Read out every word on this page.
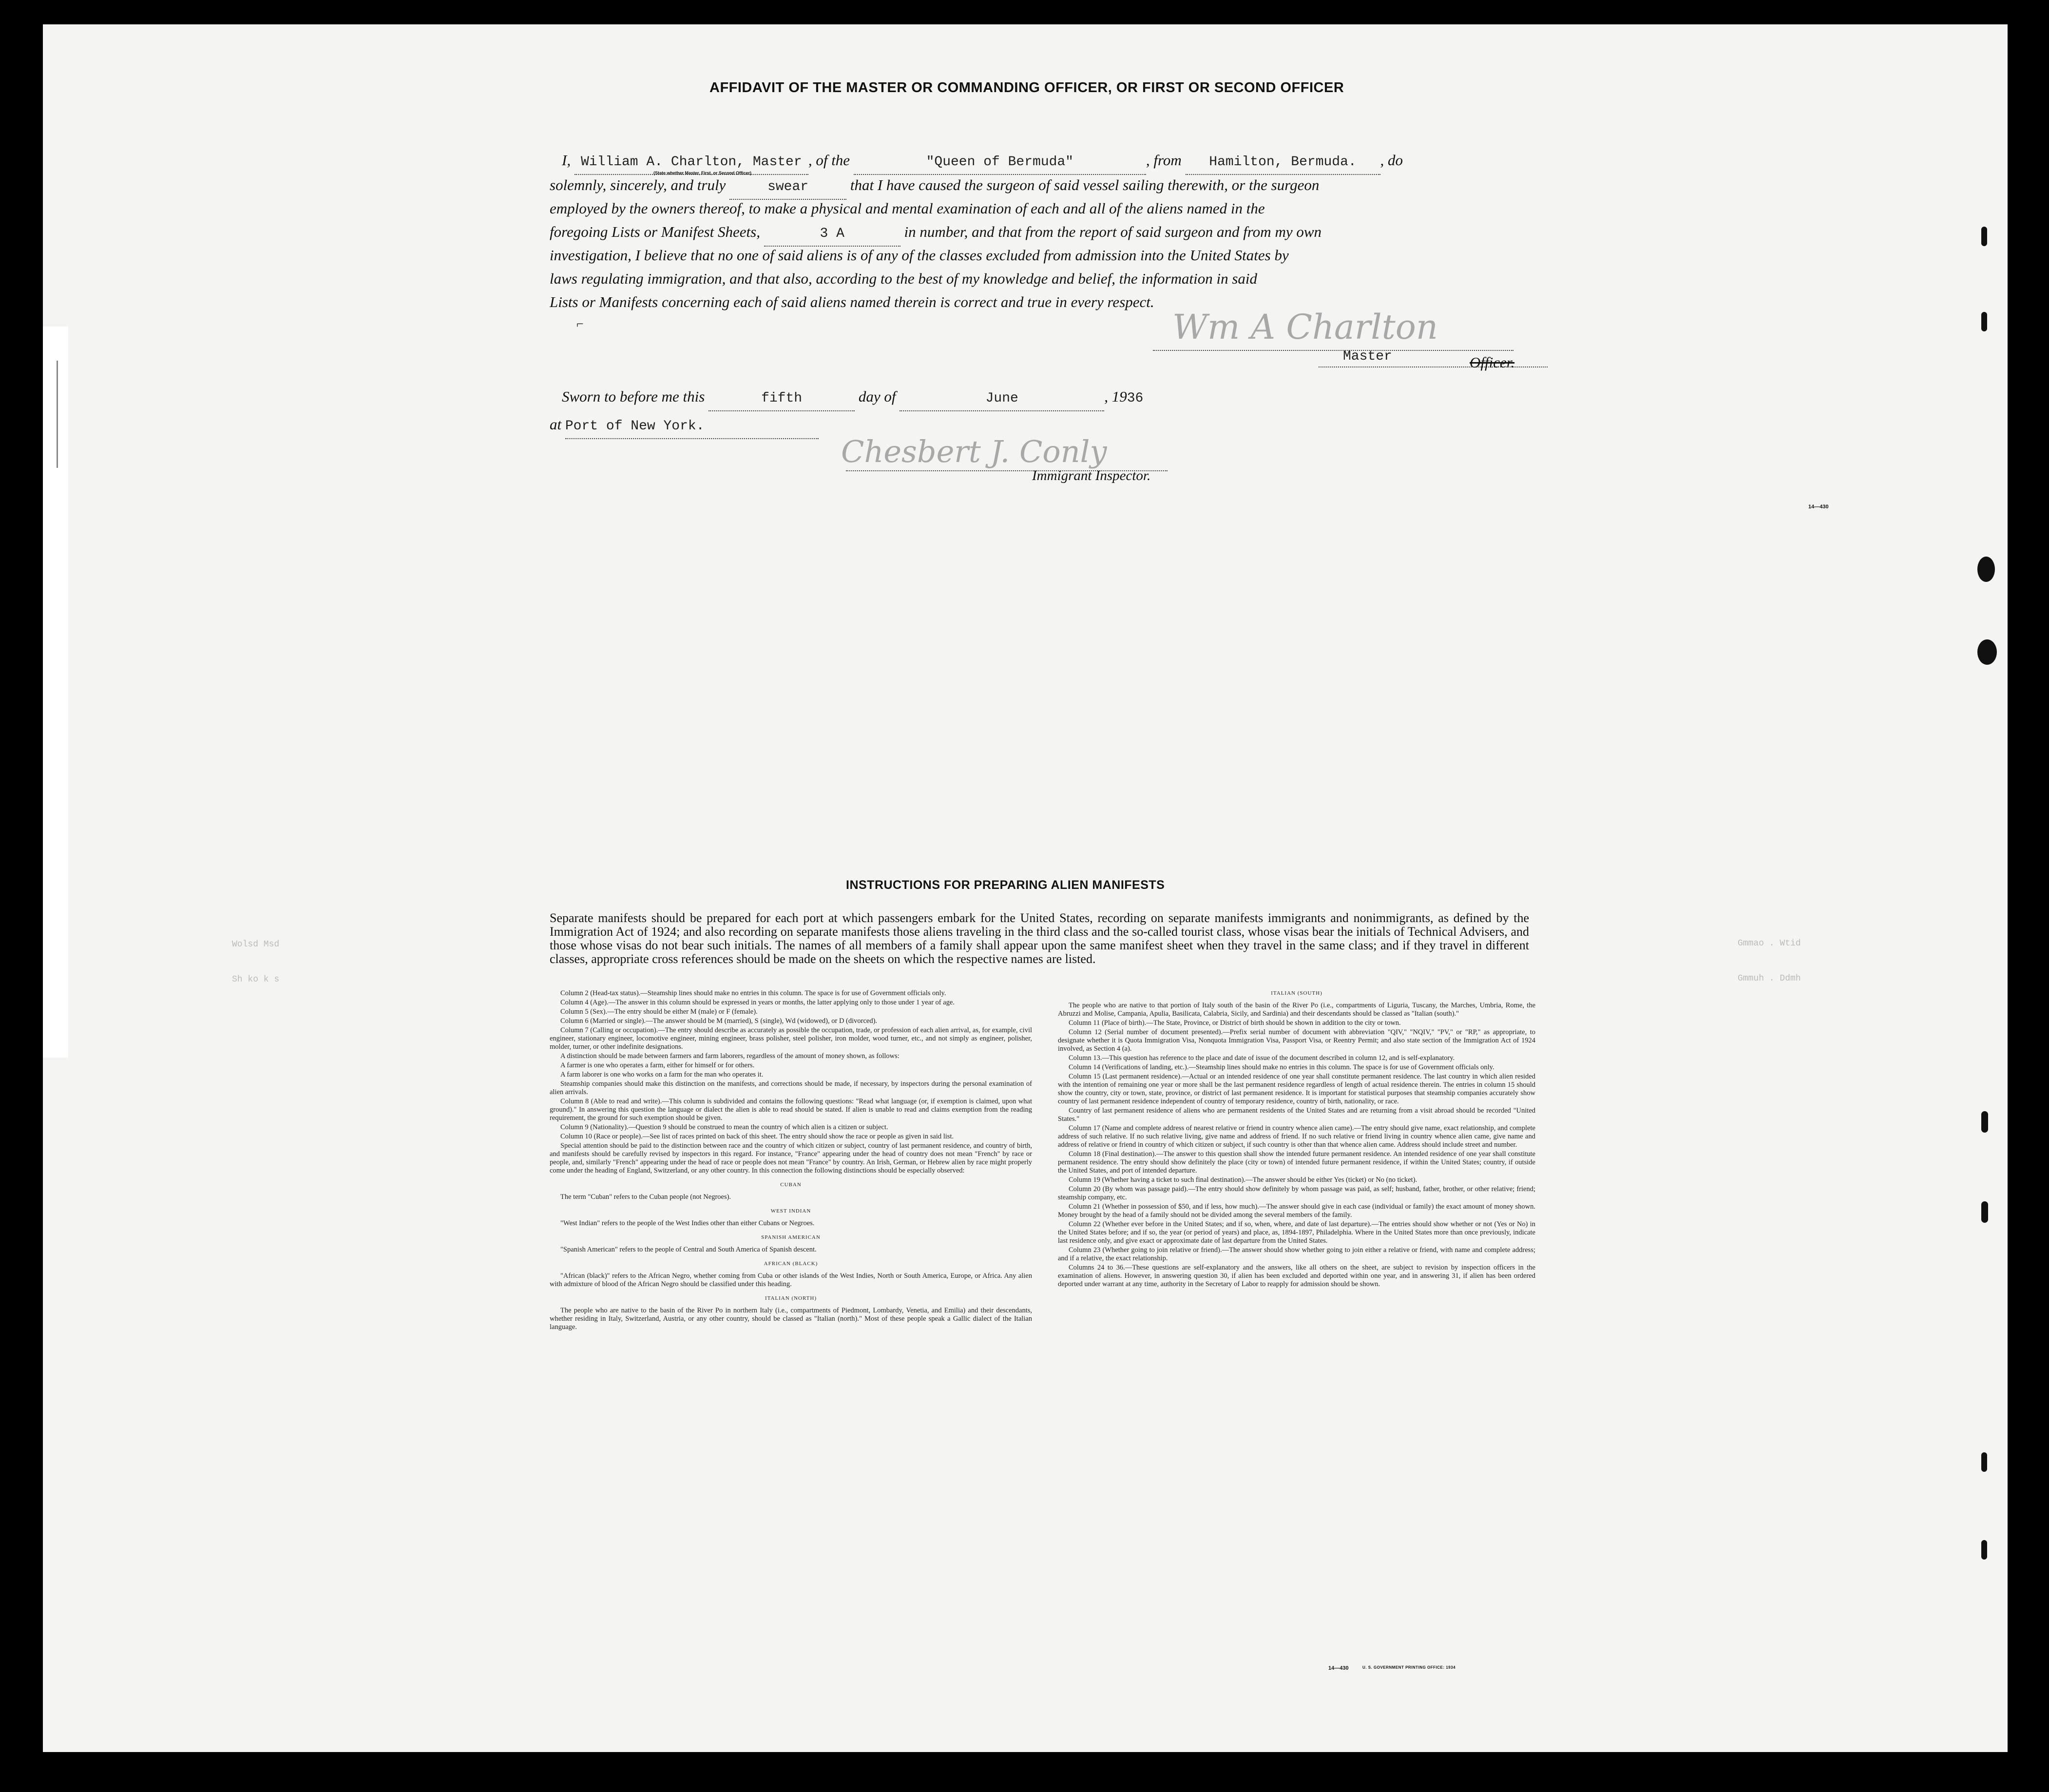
AFFIDAVIT OF THE MASTER OR COMMANDING OFFICER, OR FIRST OR SECOND OFFICER
I, William A. Charlton, Master , of the	"Queen of Bermuda"	, from Hamilton, Bermuda. , do
(State whether Master, First, or Second Officer)
solemnly, sincerely, and truly	swear	that I have caused the surgeon of said vessel sailing therewith, or the surgeon
employed by the owners thereof, to make a physical and mental examination of each and all of the aliens named in the
foregoing Lists or Manifest Sheets,	3 A	in number, and that from the report of said surgeon and from my own
investigation, I believe that no one of said aliens is of any of the classes excluded from admission into the United States by
laws regulating immigration, and that also, according to the best of my knowledge and belief, the information in said
Lists or Manifests concerning each of said aliens named therein is correct and true in every respect.
⌐	Wm A Charlton
Master	Officer.
Sworn to before me this	fifth	day of	June	, 1936
at Port of New York.
Chesbert J. Conly
Immigrant Inspector.
14—430
Wolsd Msd
Sh ko k s
Gmmao . Wtid
Gmmuh . Ddmh
INSTRUCTIONS FOR PREPARING ALIEN MANIFESTS
Separate manifests should be prepared for each port at which passengers embark for the United States, recording on separate manifests immigrants and nonimmigrants, as defined by the Immigration Act of 1924; and also recording on separate manifests those aliens traveling in the third class and the so-called tourist class, whose visas bear the initials of Technical Advisers, and those whose visas do not bear such initials. The names of all members of a family shall appear upon the same manifest sheet when they travel in the same class; and if they travel in different classes, appropriate cross references should be made on the sheets on which the respective names are listed.

Column 2 (Head-tax status).—Steamship lines should make no entries in this column. The space is for use of Government officials only.

Column 4 (Age).—The answer in this column should be expressed in years or months, the latter applying only to those under 1 year of age.

Column 5 (Sex).—The entry should be either M (male) or F (female).

Column 6 (Married or single).—The answer should be M (married), S (single), Wd (widowed), or D (divorced).

Column 7 (Calling or occupation).—The entry should describe as accurately as possible the occupation, trade, or profession of each alien arrival, as, for example, civil engineer, stationary engineer, locomotive engineer, mining engineer, brass polisher, steel polisher, iron molder, wood turner, etc., and not simply as engineer, polisher, molder, turner, or other indefinite designations.

A distinction should be made between farmers and farm laborers, regardless of the amount of money shown, as follows:

A farmer is one who operates a farm, either for himself or for others.

A farm laborer is one who works on a farm for the man who operates it.

Steamship companies should make this distinction on the manifests, and corrections should be made, if necessary, by inspectors during the personal examination of alien arrivals.

Column 8 (Able to read and write).—This column is subdivided and contains the following questions: "Read what language (or, if exemption is claimed, upon what ground)." In answering this question the language or dialect the alien is able to read should be stated. If alien is unable to read and claims exemption from the reading requirement, the ground for such exemption should be given.

Column 9 (Nationality).—Question 9 should be construed to mean the country of which alien is a citizen or subject.

Column 10 (Race or people).—See list of races printed on back of this sheet. The entry should show the race or people as given in said list.

Special attention should be paid to the distinction between race and the country of which citizen or subject, country of last permanent residence, and country of birth, and manifests should be carefully revised by inspectors in this regard. For instance, "France" appearing under the head of country does not mean "French" by race or people, and, similarly "French" appearing under the head of race or people does not mean "France" by country. An Irish, German, or Hebrew alien by race might properly come under the heading of England, Switzerland, or any other country. In this connection the following distinctions should be especially observed:

CUBAN

The term "Cuban" refers to the Cuban people (not Negroes).

WEST INDIAN

"West Indian" refers to the people of the West Indies other than either Cubans or Negroes.

SPANISH AMERICAN

"Spanish American" refers to the people of Central and South America of Spanish descent.

AFRICAN (BLACK)

"African (black)" refers to the African Negro, whether coming from Cuba or other islands of the West Indies, North or South America, Europe, or Africa. Any alien with admixture of blood of the African Negro should be classified under this heading.

ITALIAN (NORTH)

The people who are native to the basin of the River Po in northern Italy (i.e., compartments of Piedmont, Lombardy, Venetia, and Emilia) and their descendants, whether residing in Italy, Switzerland, Austria, or any other country, should be classed as "Italian (north)." Most of these people speak a Gallic dialect of the Italian language.

ITALIAN (SOUTH)

The people who are native to that portion of Italy south of the basin of the River Po (i.e., compartments of Liguria, Tuscany, the Marches, Umbria, Rome, the Abruzzi and Molise, Campania, Apulia, Basilicata, Calabria, Sicily, and Sardinia) and their descendants should be classed as "Italian (south)."

Column 11 (Place of birth).—The State, Province, or District of birth should be shown in addition to the city or town.

Column 12 (Serial number of document presented).—Prefix serial number of document with abbreviation "QIV," "NQIV," "PV," or "RP," as appropriate, to designate whether it is Quota Immigration Visa, Nonquota Immigration Visa, Passport Visa, or Reentry Permit; and also state section of the Immigration Act of 1924 involved, as Section 4 (a).

Column 13.—This question has reference to the place and date of issue of the document described in column 12, and is self-explanatory.

Column 14 (Verifications of landing, etc.).—Steamship lines should make no entries in this column. The space is for use of Government officials only.

Column 15 (Last permanent residence).—Actual or an intended residence of one year shall constitute permanent residence. The last country in which alien resided with the intention of remaining one year or more shall be the last permanent residence regardless of length of actual residence therein. The entries in column 15 should show the country, city or town, state, province, or district of last permanent residence. It is important for statistical purposes that steamship companies accurately show country of last permanent residence independent of country of temporary residence, country of birth, nationality, or race.

Country of last permanent residence of aliens who are permanent residents of the United States and are returning from a visit abroad should be recorded "United States."

Column 17 (Name and complete address of nearest relative or friend in country whence alien came).—The entry should give name, exact relationship, and complete address of such relative. If no such relative living, give name and address of friend. If no such relative or friend living in country whence alien came, give name and address of relative or friend in country of which citizen or subject, if such country is other than that whence alien came. Address should include street and number.

Column 18 (Final destination).—The answer to this question shall show the intended future permanent residence. An intended residence of one year shall constitute permanent residence. The entry should show definitely the place (city or town) of intended future permanent residence, if within the United States; country, if outside the United States, and port of intended departure.

Column 19 (Whether having a ticket to such final destination).—The answer should be either Yes (ticket) or No (no ticket).

Column 20 (By whom was passage paid).—The entry should show definitely by whom passage was paid, as self; husband, father, brother, or other relative; friend; steamship company, etc.

Column 21 (Whether in possession of $50, and if less, how much).—The answer should give in each case (individual or family) the exact amount of money shown. Money brought by the head of a family should not be divided among the several members of the family.

Column 22 (Whether ever before in the United States; and if so, when, where, and date of last departure).—The entries should show whether or not (Yes or No) in the United States before; and if so, the year (or period of years) and place, as, 1894-1897, Philadelphia. Where in the United States more than once previously, indicate last residence only, and give exact or approximate date of last departure from the United States.

Column 23 (Whether going to join relative or friend).—The answer should show whether going to join either a relative or friend, with name and complete address; and if a relative, the exact relationship.

Columns 24 to 36.—These questions are self-explanatory and the answers, like all others on the sheet, are subject to revision by inspection officers in the examination of aliens. However, in answering question 30, if alien has been excluded and deported within one year, and in answering 31, if alien has been ordered deported under warrant at any time, authority in the Secretary of Labor to reapply for admission should be shown.

14—430	U. S. GOVERNMENT PRINTING OFFICE: 1934
